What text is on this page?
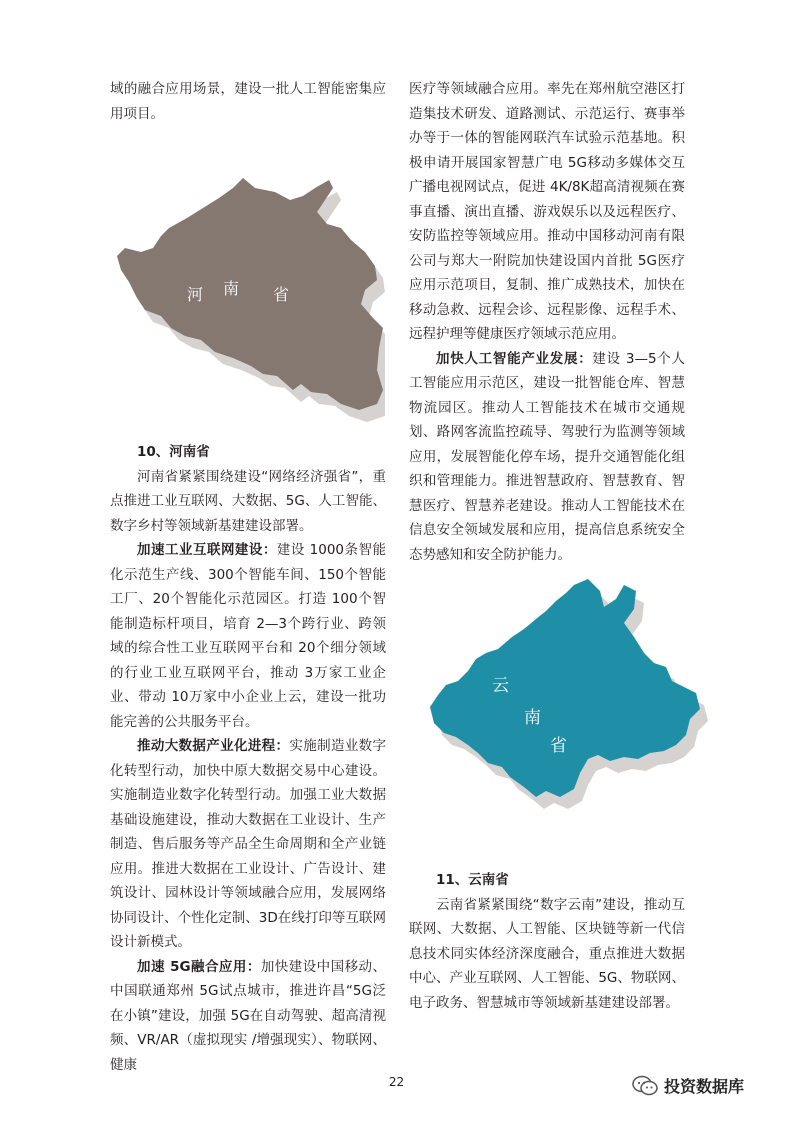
域的融合应用场景，建设一批人工智能密集应用项目。

河 南 省

10、河南省

河南省紧紧围绕建设“网络经济强省”，重点推进工业互联网、大数据、5G、人工智能、数字乡村等领域新基建建设部署。

加速工业互联网建设：建设 1000条智能化示范生产线、300个智能车间、150个智能工厂、20个智能化示范园区。打造 100个智能制造标杆项目，培育 2—3个跨行业、跨领域的综合性工业互联网平台和 20个细分领域的行业工业互联网平台，推动 3万家工业企业、带动 10万家中小企业上云，建设一批功能完善的公共服务平台。

推动大数据产业化进程：实施制造业数字化转型行动，加快中原大数据交易中心建设。实施制造业数字化转型行动。加强工业大数据基础设施建设，推动大数据在工业设计、生产制造、售后服务等产品全生命周期和全产业链应用。推进大数据在工业设计、广告设计、建筑设计、园林设计等领域融合应用，发展网络协同设计、个性化定制、3D在线打印等互联网设计新模式。

加速 5G融合应用：加快建设中国移动、中国联通郑州 5G试点城市，推进许昌“5G泛在小镇”建设，加强 5G在自动驾驶、超高清视频、VR/AR（虚拟现实 /增强现实）、物联网、健康

医疗等领域融合应用。率先在郑州航空港区打造集技术研发、道路测试、示范运行、赛事举办等于一体的智能网联汽车试验示范基地。积极申请开展国家智慧广电 5G移动多媒体交互广播电视网试点，促进 4K/8K超高清视频在赛事直播、演出直播、游戏娱乐以及远程医疗、安防监控等领域应用。推动中国移动河南有限公司与郑大一附院加快建设国内首批 5G医疗应用示范项目，复制、推广成熟技术，加快在移动急救、远程会诊、远程影像、远程手术、远程护理等健康医疗领域示范应用。

加快人工智能产业发展：建设 3—5个人工智能应用示范区，建设一批智能仓库、智慧物流园区。推动人工智能技术在城市交通规划、路网客流监控疏导、驾驶行为监测等领域应用，发展智能化停车场，提升交通智能化组织和管理能力。推进智慧政府、智慧教育、智慧医疗、智慧养老建设。推动人工智能技术在信息安全领域发展和应用，提高信息系统安全态势感知和安全防护能力。

云
南
省

11、云南省

云南省紧紧围绕“数字云南”建设，推动互联网、大数据、人工智能、区块链等新一代信息技术同实体经济深度融合，重点推进大数据中心、产业互联网、人工智能、5G、物联网、电子政务、智慧城市等领域新基建建设部署。

22	投资数据库
